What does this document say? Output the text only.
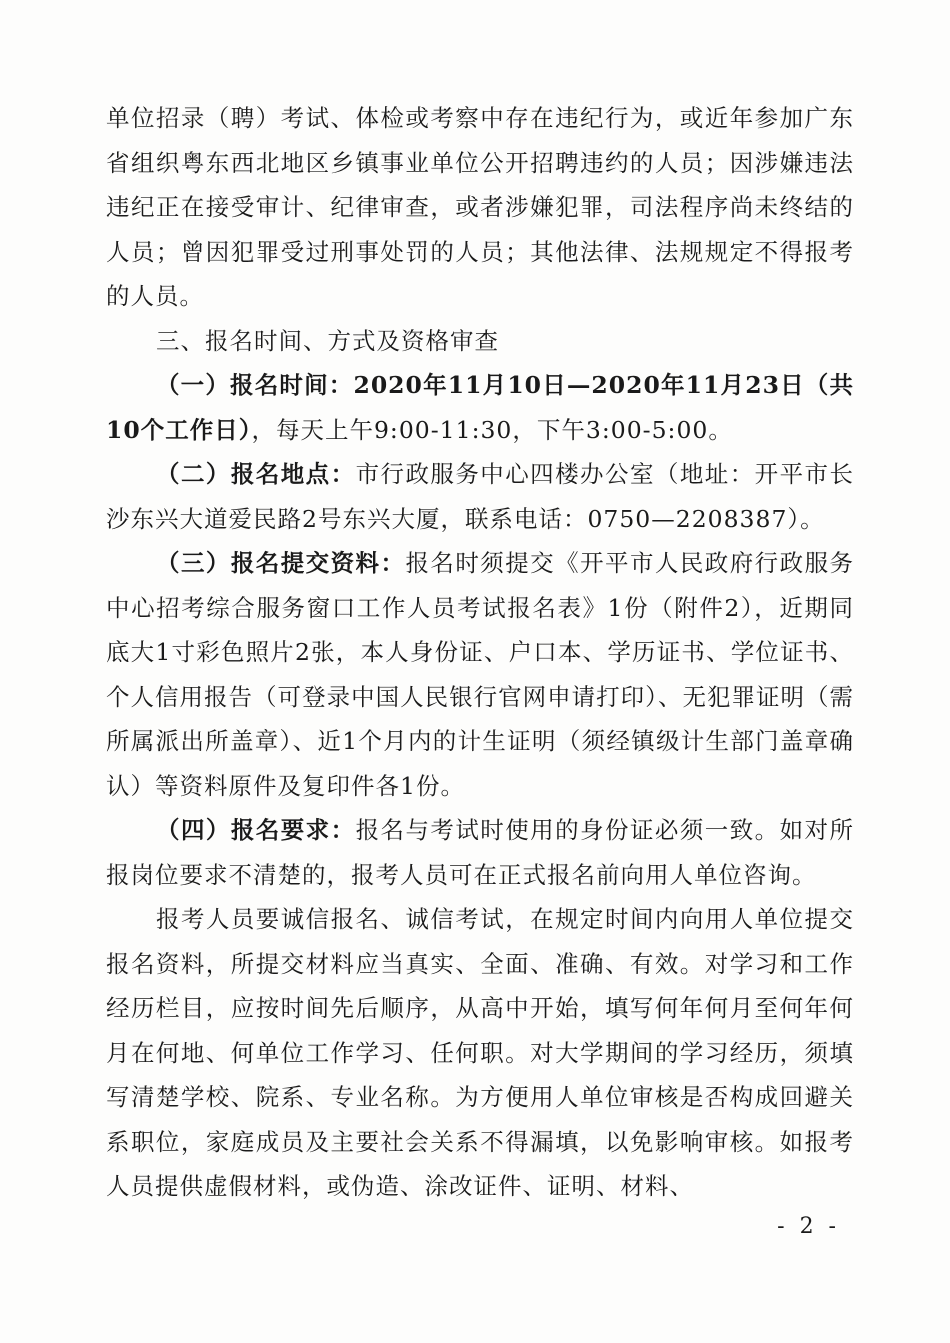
单位招录（聘）考试、体检或考察中存在违纪行为，或近年参加广东省组织粤东西北地区乡镇事业单位公开招聘违约的人员；因涉嫌违法违纪正在接受审计、纪律审查，或者涉嫌犯罪，司法程序尚未终结的人员；曾因犯罪受过刑事处罚的人员；其他法律、法规规定不得报考的人员。

三、报名时间、方式及资格审查

（一）报名时间：2020年11月10日—2020年11月23日（共10个工作日），每天上午9:00-11:30，下午3:00-5:00。

（二）报名地点：市行政服务中心四楼办公室（地址：开平市长沙东兴大道爱民路2号东兴大厦，联系电话：0750—2208387）。

（三）报名提交资料：报名时须提交《开平市人民政府行政服务中心招考综合服务窗口工作人员考试报名表》1份（附件2），近期同底大1寸彩色照片2张，本人身份证、户口本、学历证书、学位证书、个人信用报告（可登录中国人民银行官网申请打印）、无犯罪证明（需所属派出所盖章）、近1个月内的计生证明（须经镇级计生部门盖章确认）等资料原件及复印件各1份。

（四）报名要求：报名与考试时使用的身份证必须一致。如对所报岗位要求不清楚的，报考人员可在正式报名前向用人单位咨询。

报考人员要诚信报名、诚信考试，在规定时间内向用人单位提交报名资料，所提交材料应当真实、全面、准确、有效。对学习和工作经历栏目，应按时间先后顺序，从高中开始，填写何年何月至何年何月在何地、何单位工作学习、任何职。对大学期间的学习经历，须填写清楚学校、院系、专业名称。为方便用人单位审核是否构成回避关系职位，家庭成员及主要社会关系不得漏填，以免影响审核。如报考人员提供虚假材料，或伪造、涂改证件、证明、材料、

- 2 -
